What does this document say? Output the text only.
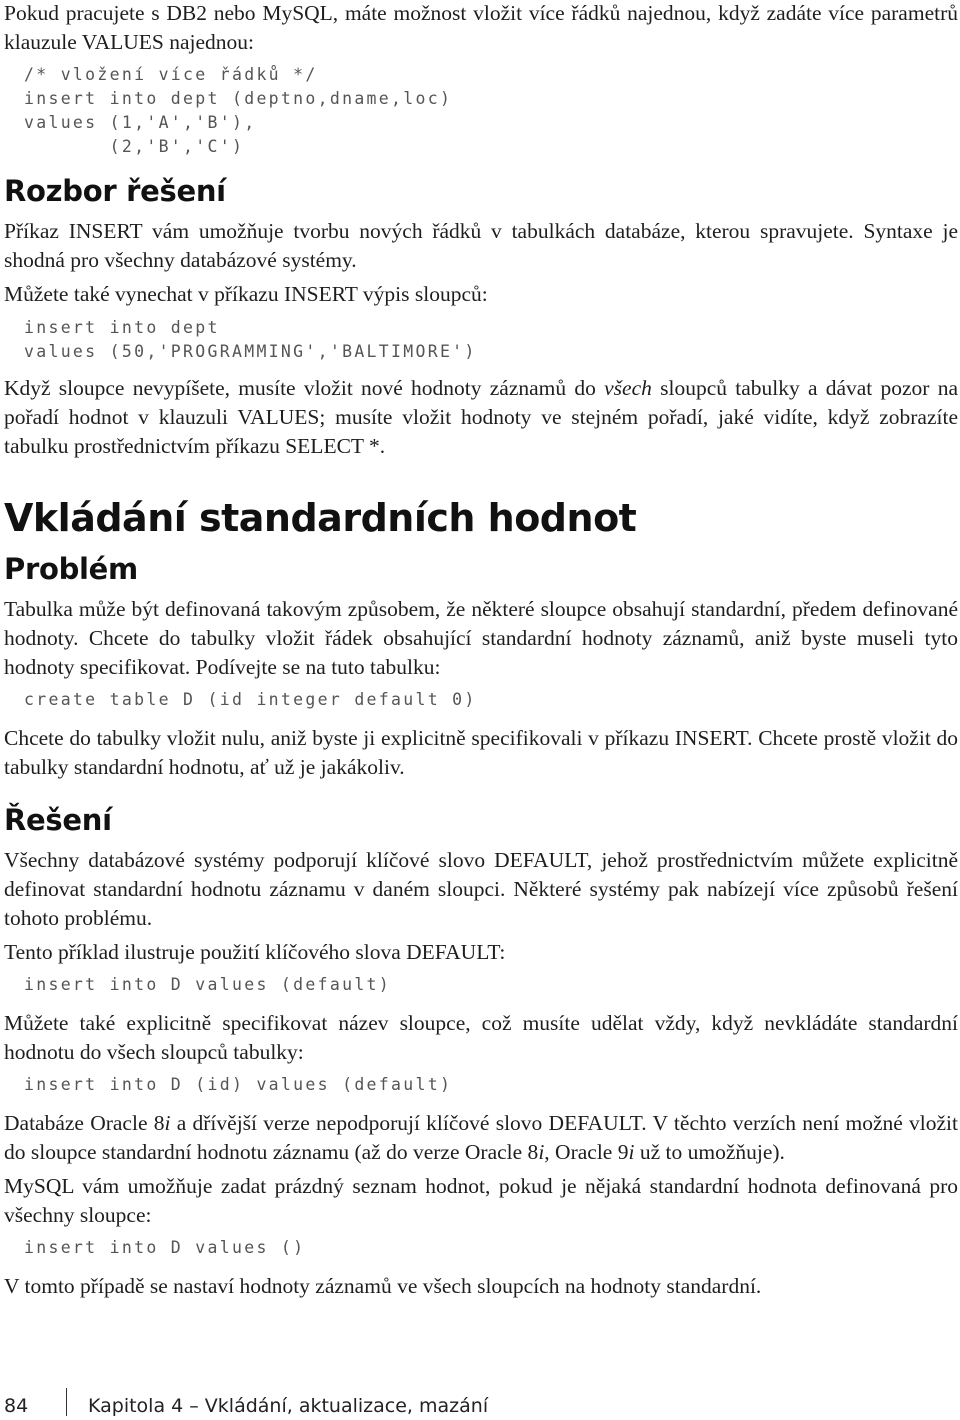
Pokud pracujete s DB2 nebo MySQL, máte možnost vložit více řádků najednou, když zadáte více parametrů klauzule VALUES najednou:

/* vložení více řádků */
insert into dept (deptno,dname,loc)
values (1,'A','B'),
(2,'B','C')
Rozbor řešení

Příkaz INSERT vám umožňuje tvorbu nových řádků v tabulkách databáze, kterou spravujete. Syntaxe je shodná pro všechny databázové systémy.

Můžete také vynechat v příkazu INSERT výpis sloupců:

insert into dept
values (50,'PROGRAMMING','BALTIMORE')

Když sloupce nevypíšete, musíte vložit nové hodnoty záznamů do všech sloupců tabulky a dávat pozor na pořadí hodnot v klauzuli VALUES; musíte vložit hodnoty ve stejném pořadí, jaké vidíte, když zobrazíte tabulku prostřednictvím příkazu SELECT *.

Vkládání standardních hodnot
Problém

Tabulka může být definovaná takovým způsobem, že některé sloupce obsahují standardní, předem definované hodnoty. Chcete do tabulky vložit řádek obsahující standardní hodnoty záznamů, aniž byste museli tyto hodnoty specifikovat. Podívejte se na tuto tabulku:

create table D (id integer default 0)

Chcete do tabulky vložit nulu, aniž byste ji explicitně specifikovali v příkazu INSERT. Chcete prostě vložit do tabulky standardní hodnotu, ať už je jakákoliv.

Řešení

Všechny databázové systémy podporují klíčové slovo DEFAULT, jehož prostřednictvím můžete explicitně definovat standardní hodnotu záznamu v daném sloupci. Některé systémy pak nabízejí více způsobů řešení tohoto problému.

Tento příklad ilustruje použití klíčového slova DEFAULT:

insert into D values (default)

Můžete také explicitně specifikovat název sloupce, což musíte udělat vždy, když nevkládáte standardní hodnotu do všech sloupců tabulky:

insert into D (id) values (default)

Databáze Oracle 8i a dřívější verze nepodporují klíčové slovo DEFAULT. V těchto verzích není možné vložit do sloupce standardní hodnotu záznamu (až do verze Oracle 8i, Oracle 9i už to umožňuje).

MySQL vám umožňuje zadat prázdný seznam hodnot, pokud je nějaká standardní hodnota definovaná pro všechny sloupce:

insert into D values ()

V tomto případě se nastaví hodnoty záznamů ve všech sloupcích na hodnoty standardní.

84	Kapitola 4 – Vkládání, aktualizace, mazání
